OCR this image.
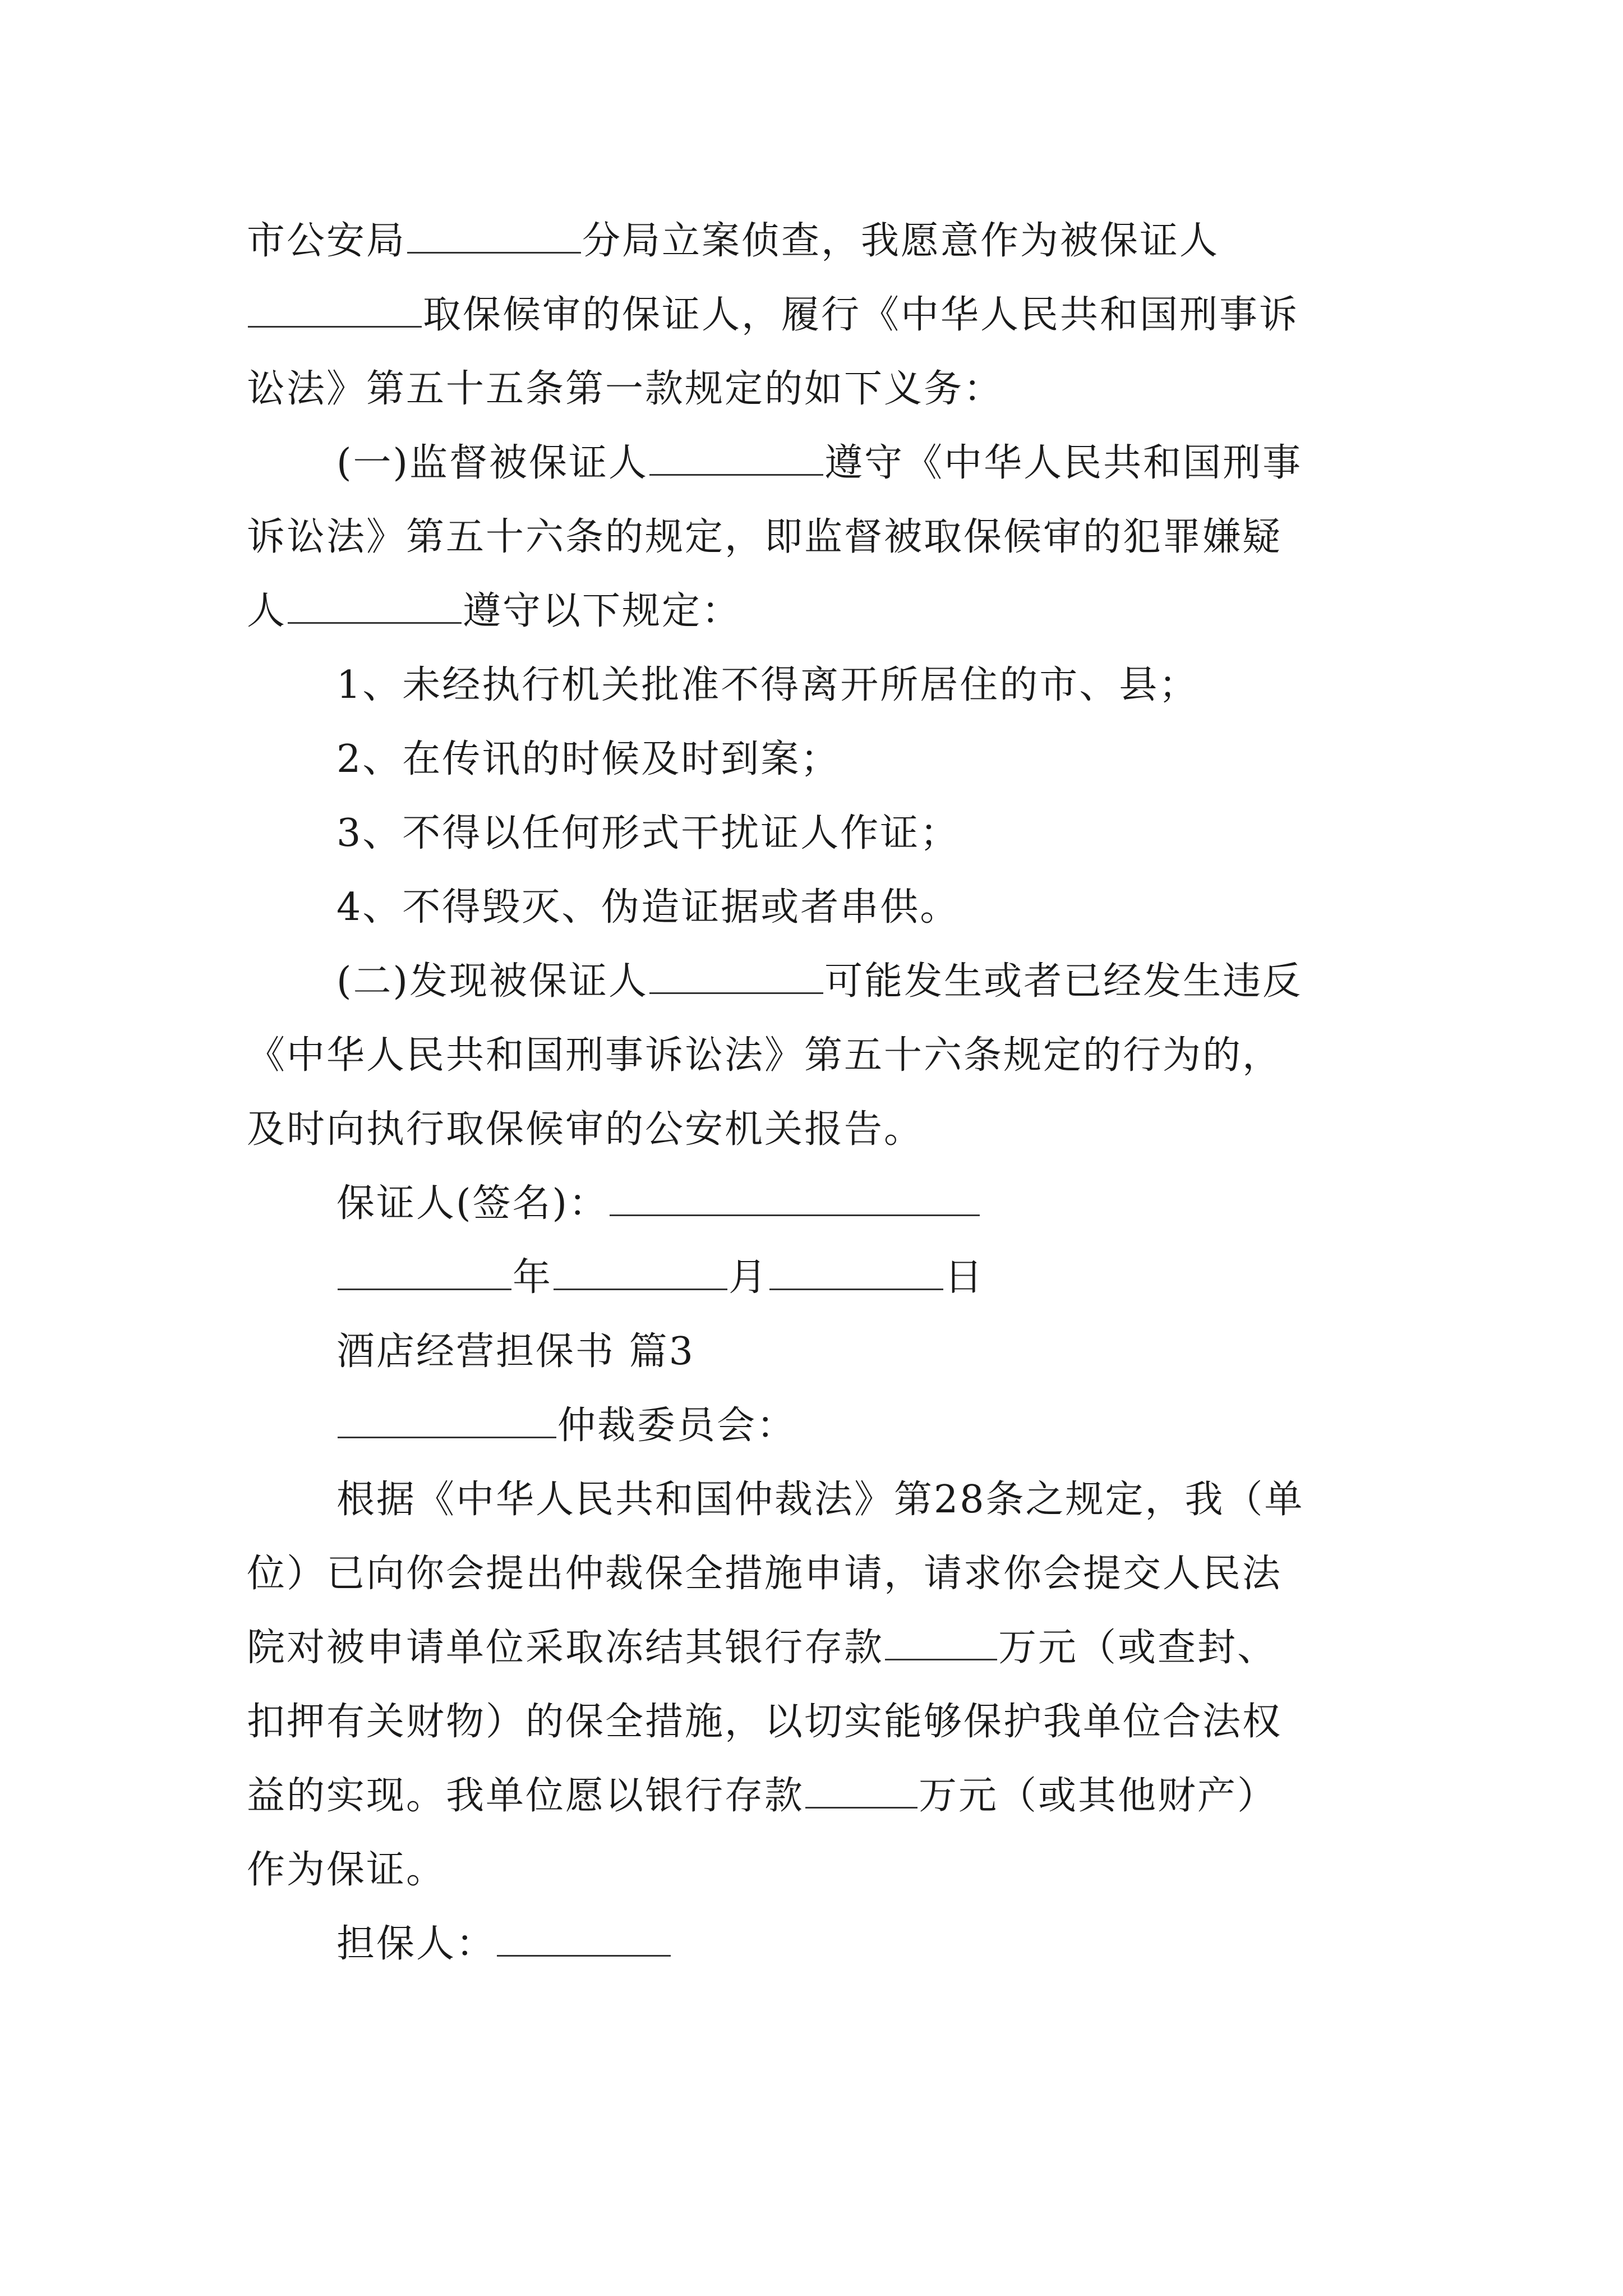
市公安局	分局立案侦查，我愿意作为被保证人
取保候审的保证人，履行《中华人民共和国刑事诉
讼法》第五十五条第一款规定的如下义务：
(一)监督被保证人	遵守《中华人民共和国刑事
诉讼法》第五十六条的规定，即监督被取保候审的犯罪嫌疑
人	遵守以下规定：
1、未经执行机关批准不得离开所居住的市、县；
2、在传讯的时候及时到案；
3、不得以任何形式干扰证人作证；
4、不得毁灭、伪造证据或者串供。
(二)发现被保证人	可能发生或者已经发生违反
《中华人民共和国刑事诉讼法》第五十六条规定的行为的，
及时向执行取保候审的公安机关报告。
保证人(签名)：
年	月	日
酒店经营担保书 篇3
仲裁委员会：
根据《中华人民共和国仲裁法》第28条之规定，我（单
位）已向你会提出仲裁保全措施申请，请求你会提交人民法
院对被申请单位采取冻结其银行存款	万元（或查封、
扣押有关财物）的保全措施，以切实能够保护我单位合法权
益的实现。我单位愿以银行存款	万元（或其他财产）
作为保证。
担保人：
